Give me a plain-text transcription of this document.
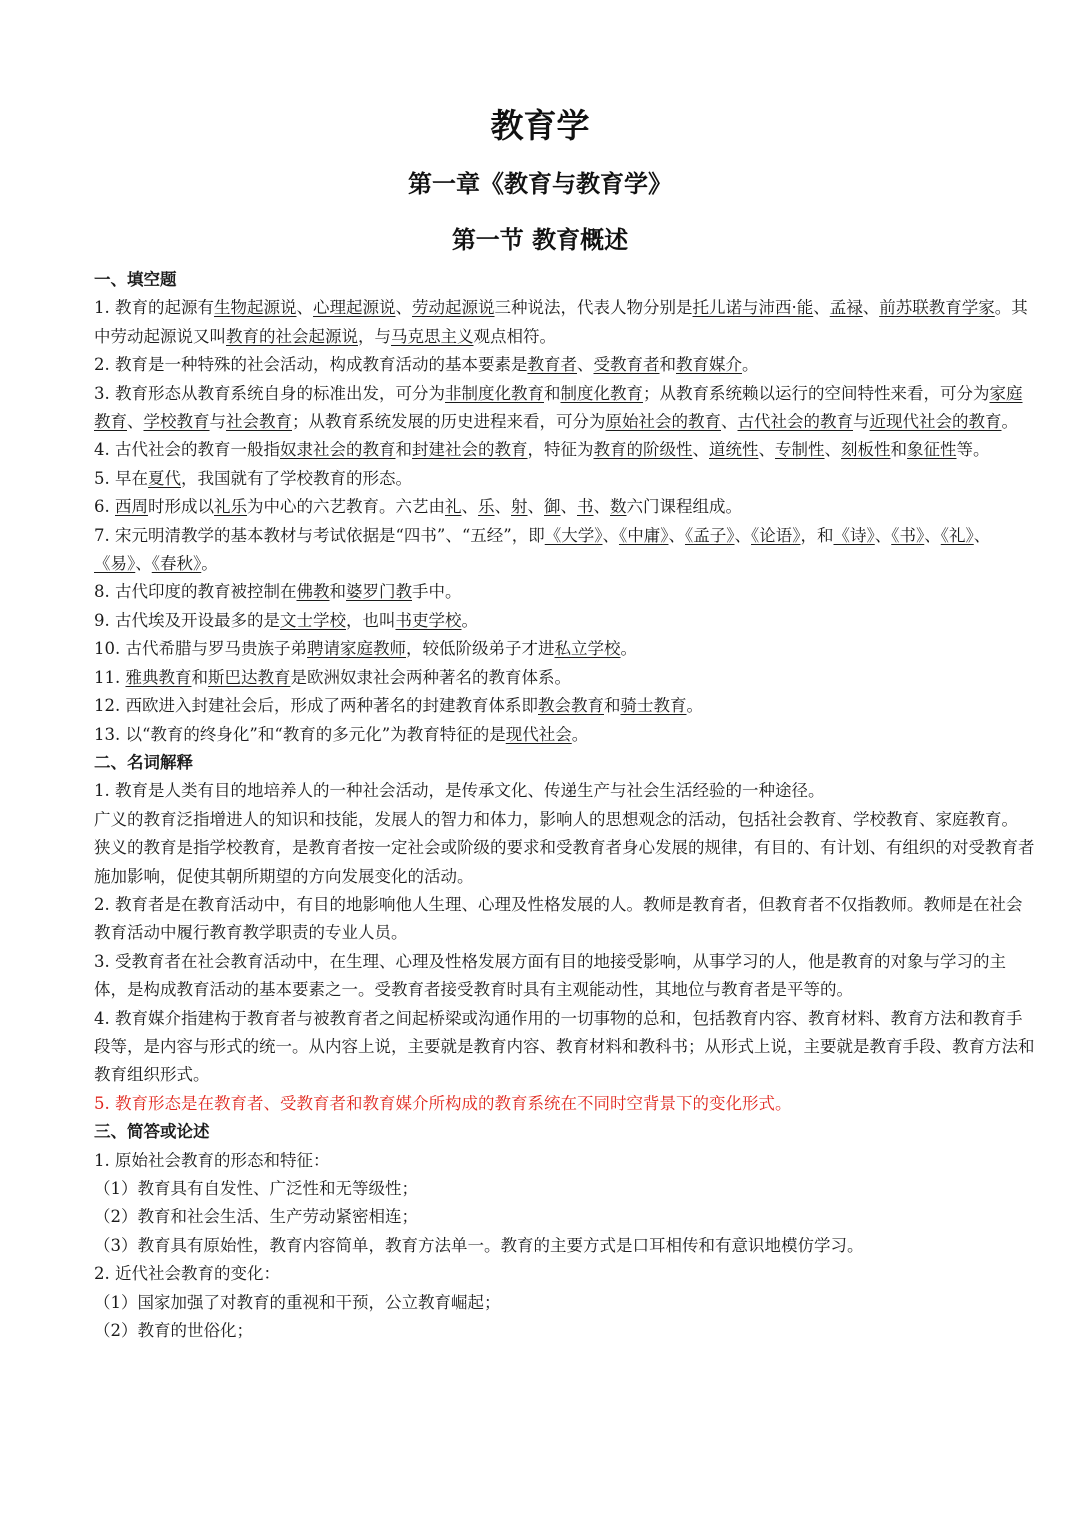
教育学
第一章《教育与教育学》
第一节 教育概述

一、填空题

1. 教育的起源有生物起源说、心理起源说、劳动起源说三种说法，代表人物分别是托儿诺与沛西·能、孟禄、前苏联教育学家。其中劳动起源说又叫教育的社会起源说，与马克思主义观点相符。

2. 教育是一种特殊的社会活动，构成教育活动的基本要素是教育者、受教育者和教育媒介。

3. 教育形态从教育系统自身的标准出发，可分为非制度化教育和制度化教育；从教育系统赖以运行的空间特性来看，可分为家庭教育、学校教育与社会教育；从教育系统发展的历史进程来看，可分为原始社会的教育、古代社会的教育与近现代社会的教育。

4. 古代社会的教育一般指奴隶社会的教育和封建社会的教育，特征为教育的阶级性、道统性、专制性、刻板性和象征性等。

5. 早在夏代，我国就有了学校教育的形态。

6. 西周时形成以礼乐为中心的六艺教育。六艺由礼、乐、射、御、书、数六门课程组成。

7. 宋元明清教学的基本教材与考试依据是“四书”、“五经”，即《大学》、《中庸》、《孟子》、《论语》，和《诗》、《书》、《礼》、《易》、《春秋》。

8. 古代印度的教育被控制在佛教和婆罗门教手中。

9. 古代埃及开设最多的是文士学校，也叫书吏学校。

10. 古代希腊与罗马贵族子弟聘请家庭教师，较低阶级弟子才进私立学校。

11. 雅典教育和斯巴达教育是欧洲奴隶社会两种著名的教育体系。

12. 西欧进入封建社会后，形成了两种著名的封建教育体系即教会教育和骑士教育。

13. 以“教育的终身化”和“教育的多元化”为教育特征的是现代社会。

二、名词解释

1. 教育是人类有目的地培养人的一种社会活动，是传承文化、传递生产与社会生活经验的一种途径。

广义的教育泛指增进人的知识和技能，发展人的智力和体力，影响人的思想观念的活动，包括社会教育、学校教育、家庭教育。

狭义的教育是指学校教育，是教育者按一定社会或阶级的要求和受教育者身心发展的规律，有目的、有计划、有组织的对受教育者施加影响，促使其朝所期望的方向发展变化的活动。

2. 教育者是在教育活动中，有目的地影响他人生理、心理及性格发展的人。教师是教育者，但教育者不仅指教师。教师是在社会教育活动中履行教育教学职责的专业人员。

3. 受教育者在社会教育活动中，在生理、心理及性格发展方面有目的地接受影响，从事学习的人，他是教育的对象与学习的主体，是构成教育活动的基本要素之一。受教育者接受教育时具有主观能动性，其地位与教育者是平等的。

4. 教育媒介指建构于教育者与被教育者之间起桥梁或沟通作用的一切事物的总和，包括教育内容、教育材料、教育方法和教育手段等，是内容与形式的统一。从内容上说，主要就是教育内容、教育材料和教科书；从形式上说，主要就是教育手段、教育方法和教育组织形式。

5. 教育形态是在教育者、受教育者和教育媒介所构成的教育系统在不同时空背景下的变化形式。

三、简答或论述

1. 原始社会教育的形态和特征：

（1）教育具有自发性、广泛性和无等级性；

（2）教育和社会生活、生产劳动紧密相连；

（3）教育具有原始性，教育内容简单，教育方法单一。教育的主要方式是口耳相传和有意识地模仿学习。

2. 近代社会教育的变化：

（1）国家加强了对教育的重视和干预，公立教育崛起；

（2）教育的世俗化；
